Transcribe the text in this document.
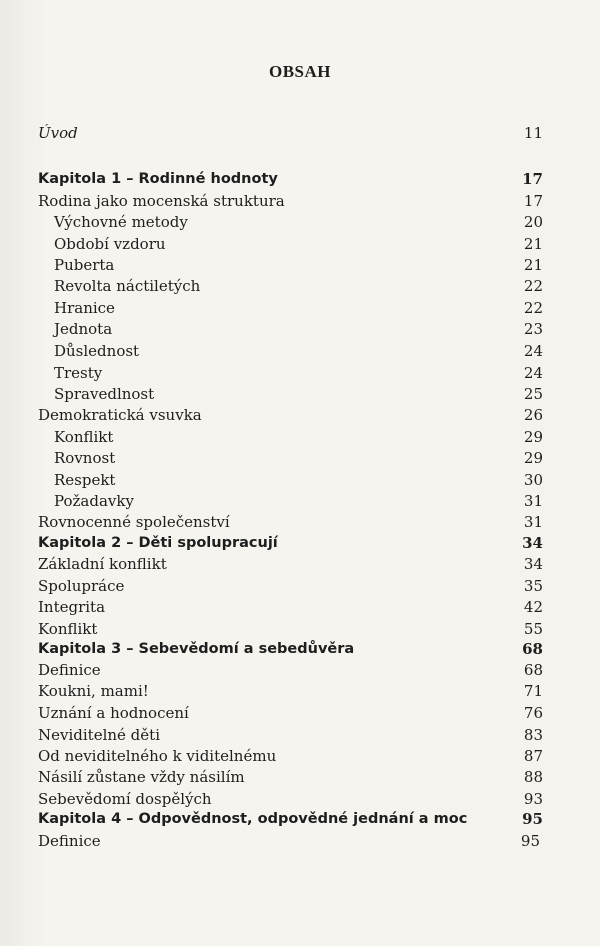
OBSAH
Úvod	11
Kapitola 1 – Rodinné hodnoty	17
Rodina jako mocenská struktura	17
Výchovné metody	20
Období vzdoru	21
Puberta	21
Revolta náctiletých	22
Hranice	22
Jednota	23
Důslednost	24
Tresty	24
Spravedlnost	25
Demokratická vsuvka	26
Konflikt	29
Rovnost	29
Respekt	30
Požadavky	31
Rovnocenné společenství	31
Kapitola 2 – Děti spolupracují	34
Základní konflikt	34
Spolupráce	35
Integrita	42
Konflikt	55
Kapitola 3 – Sebevědomí a sebedůvěra	68
Definice	68
Koukni, mami!	71
Uznání a hodnocení	76
Neviditelné děti	83
Od neviditelného k viditelnému	87
Násilí zůstane vždy násilím	88
Sebevědomí dospělých	93
Kapitola 4 – Odpovědnost, odpovědné jednání a moc	95
Definice	95
